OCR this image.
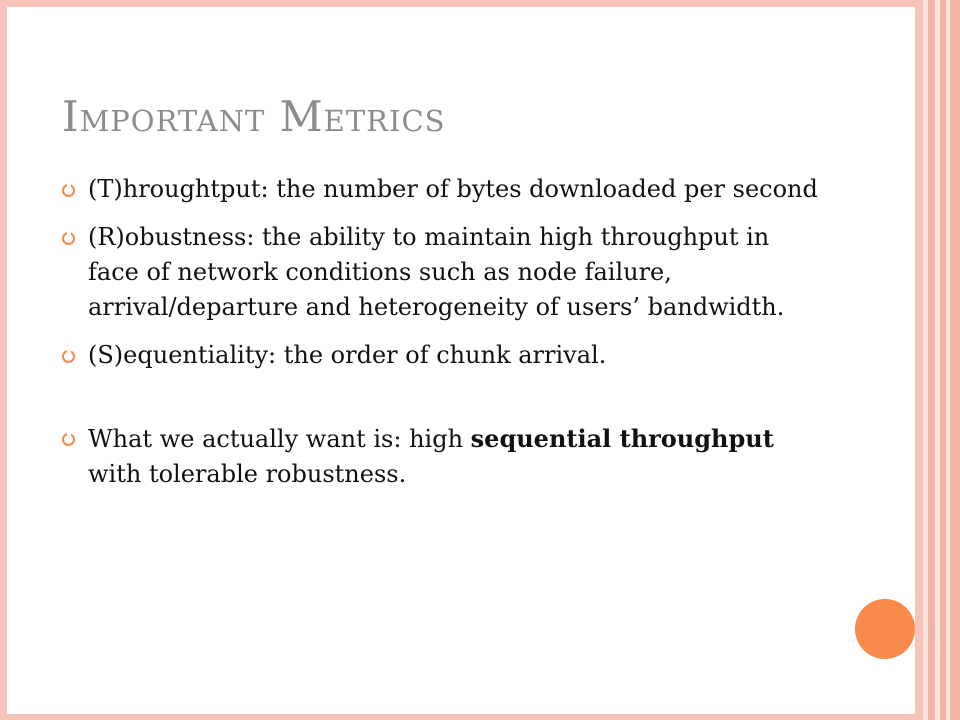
Important Metrics
(T)hroughtput: the number of bytes downloaded per second
(R)obustness: the ability to maintain high throughput in face of network conditions such as node failure, arrival/departure and heterogeneity of users’ bandwidth.
(S)equentiality: the order of chunk arrival.
What we actually want is: high sequential throughput with tolerable robustness.
